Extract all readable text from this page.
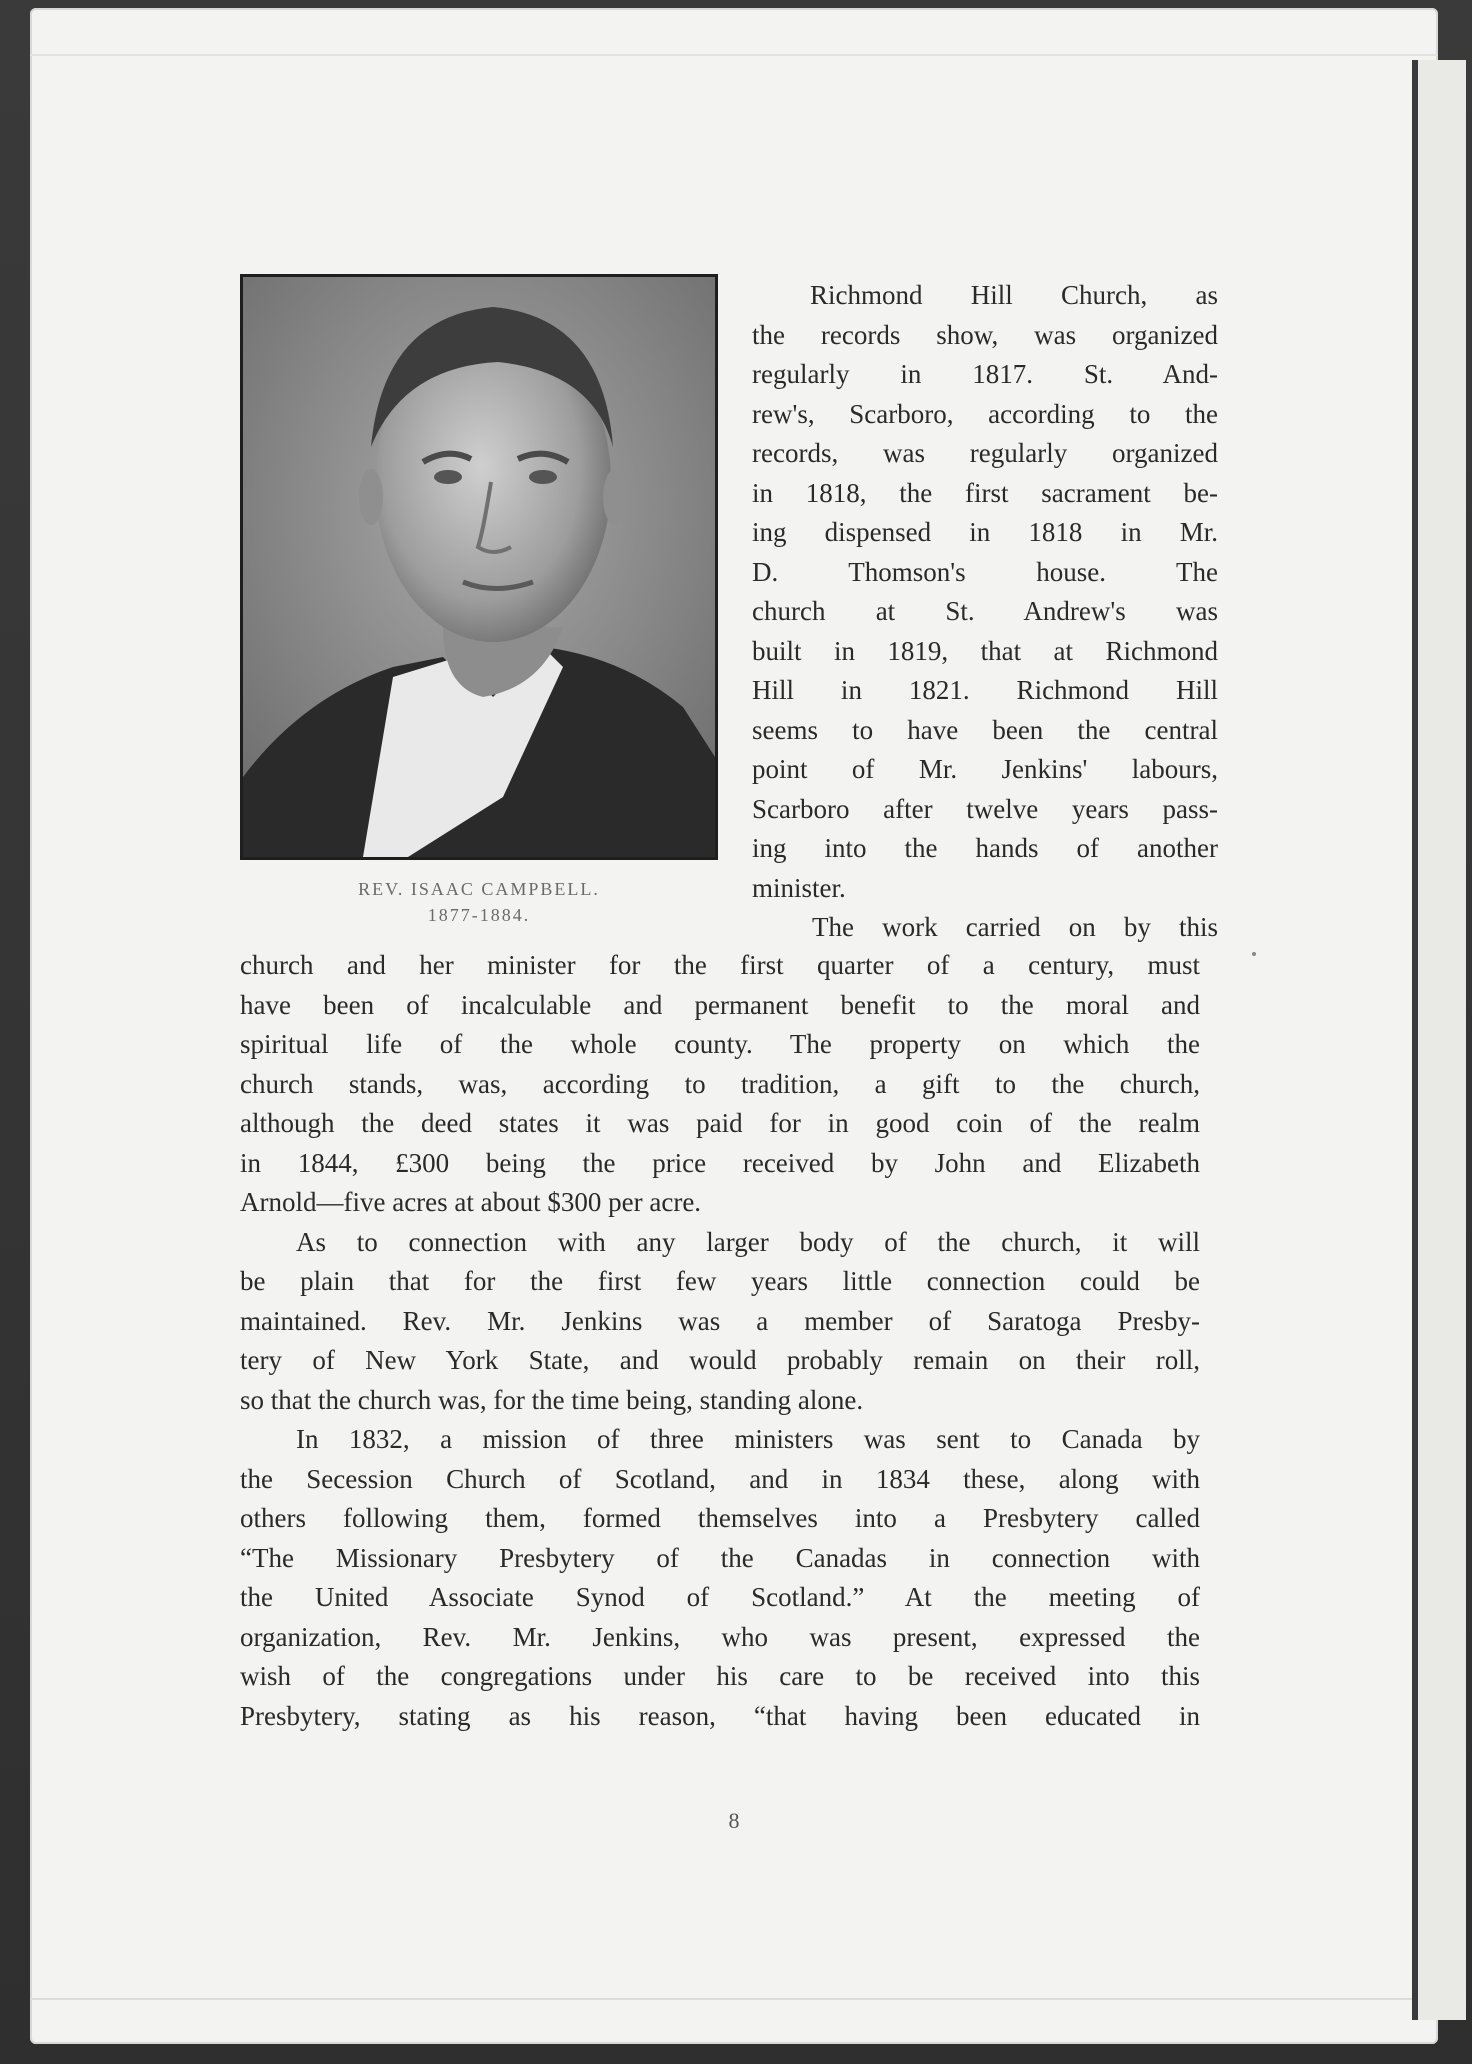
8
REV. ISAAC CAMPBELL.
1877-1884.
Richmond Hill Church, as
the records show, was organized
regularly in 1817. St. And-
rew's, Scarboro, according to the
records, was regularly organized
in 1818, the first sacrament be-
ing dispensed in 1818 in Mr.
D. Thomson's house. The
church at St. Andrew's was
built in 1819, that at Richmond
Hill in 1821. Richmond Hill
seems to have been the central
point of Mr. Jenkins' labours,
Scarboro after twelve years pass-
ing into the hands of another
minister.
The work carried on by this
church and her minister for the first quarter of a century, must
have been of incalculable and permanent benefit to the moral and
spiritual life of the whole county. The property on which the
church stands, was, according to tradition, a gift to the church,
although the deed states it was paid for in good coin of the realm
in 1844, £300 being the price received by John and Elizabeth
Arnold—five acres at about $300 per acre.
As to connection with any larger body of the church, it will
be plain that for the first few years little connection could be
maintained. Rev. Mr. Jenkins was a member of Saratoga Presby-
tery of New York State, and would probably remain on their roll,
so that the church was, for the time being, standing alone.
In 1832, a mission of three ministers was sent to Canada by
the Secession Church of Scotland, and in 1834 these, along with
others following them, formed themselves into a Presbytery called
“The Missionary Presbytery of the Canadas in connection with
the United Associate Synod of Scotland.” At the meeting of
organization, Rev. Mr. Jenkins, who was present, expressed the
wish of the congregations under his care to be received into this
Presbytery, stating as his reason, “that having been educated in
